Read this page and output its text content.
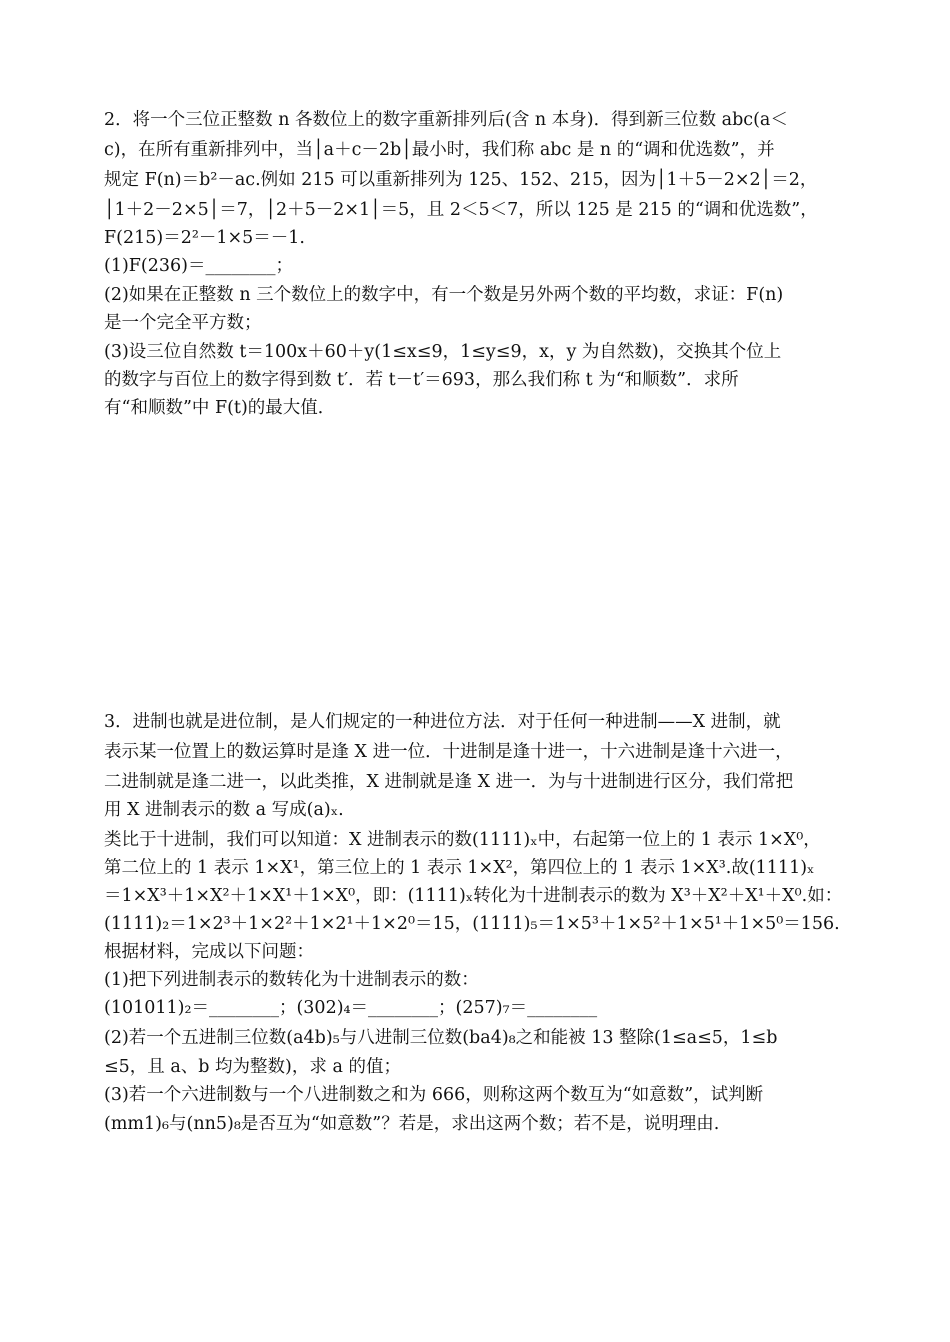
2．将一个三位正整数 n 各数位上的数字重新排列后(含 n 本身)．得到新三位数 abc(a＜
c)，在所有重新排列中，当│a＋c－2b│最小时，我们称 abc 是 n 的“调和优选数”，并
规定 F(n)＝b²－ac.例如 215 可以重新排列为 125、152、215，因为│1＋5－2×2│＝2，
│1＋2－2×5│＝7，│2＋5－2×1│＝5，且 2＜5＜7，所以 125 是 215 的“调和优选数”，
F(215)＝2²－1×5＝－1.
(1)F(236)＝________；
(2)如果在正整数 n 三个数位上的数字中，有一个数是另外两个数的平均数，求证：F(n)
是一个完全平方数；
(3)设三位自然数 t＝100x＋60＋y(1≤x≤9，1≤y≤9，x，y 为自然数)，交换其个位上
的数字与百位上的数字得到数 t′．若 t－t′＝693，那么我们称 t 为“和顺数”．求所
有“和顺数”中 F(t)的最大值．
3．进制也就是进位制，是人们规定的一种进位方法．对于任何一种进制——X 进制，就
表示某一位置上的数运算时是逢 X 进一位．十进制是逢十进一，十六进制是逢十六进一，
二进制就是逢二进一，以此类推，X 进制就是逢 X 进一．为与十进制进行区分，我们常把
用 X 进制表示的数 a 写成(a)ₓ.
类比于十进制，我们可以知道：X 进制表示的数(1111)ₓ中，右起第一位上的 1 表示 1×X⁰，
第二位上的 1 表示 1×X¹，第三位上的 1 表示 1×X²，第四位上的 1 表示 1×X³.故(1111)ₓ
＝1×X³＋1×X²＋1×X¹＋1×X⁰，即：(1111)ₓ转化为十进制表示的数为 X³＋X²＋X¹＋X⁰.如：
(1111)₂＝1×2³＋1×2²＋1×2¹＋1×2⁰＝15，(1111)₅＝1×5³＋1×5²＋1×5¹＋1×5⁰＝156.
根据材料，完成以下问题：
(1)把下列进制表示的数转化为十进制表示的数：
(101011)₂＝________；(302)₄＝________；(257)₇＝________
(2)若一个五进制三位数(a4b)₅与八进制三位数(ba4)₈之和能被 13 整除(1≤a≤5，1≤b
≤5，且 a、b 均为整数)，求 a 的值；
(3)若一个六进制数与一个八进制数之和为 666，则称这两个数互为“如意数”，试判断
(mm1)₆与(nn5)₈是否互为“如意数”？若是，求出这两个数；若不是，说明理由.
